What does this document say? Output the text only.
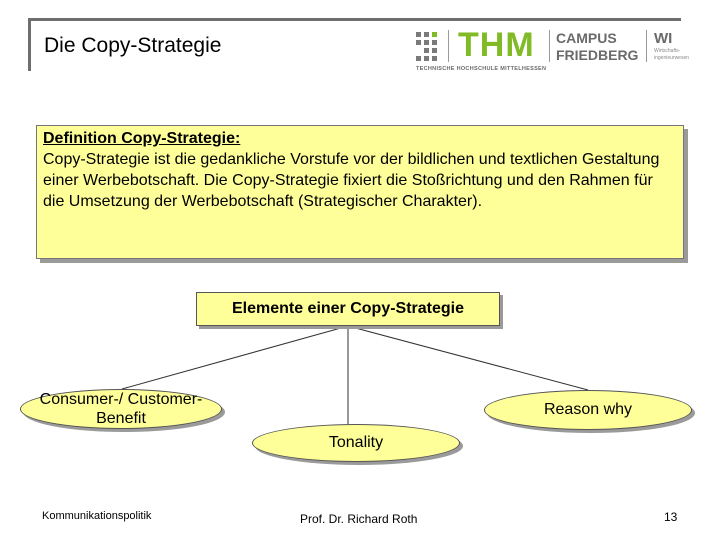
Die Copy-Strategie	THM CAMPUS
FRIEDBERG
WI
Wirtschafts-
ingenieurwesen
TECHNISCHE HOCHSCHULE MITTELHESSEN
Definition Copy-Strategie:
Copy-Strategie ist die gedankliche Vorstufe vor der bildlichen und textlichen Gestaltung einer Werbebotschaft. Die Copy-Strategie fixiert die Stoßrichtung und den Rahmen für die Umsetzung der Werbebotschaft (Strategischer Charakter).
Elemente einer Copy-Strategie
Consumer-/ Customer-Benefit
Reason why
Tonality
Kommunikationspolitik	Prof. Dr. Richard Roth	13
